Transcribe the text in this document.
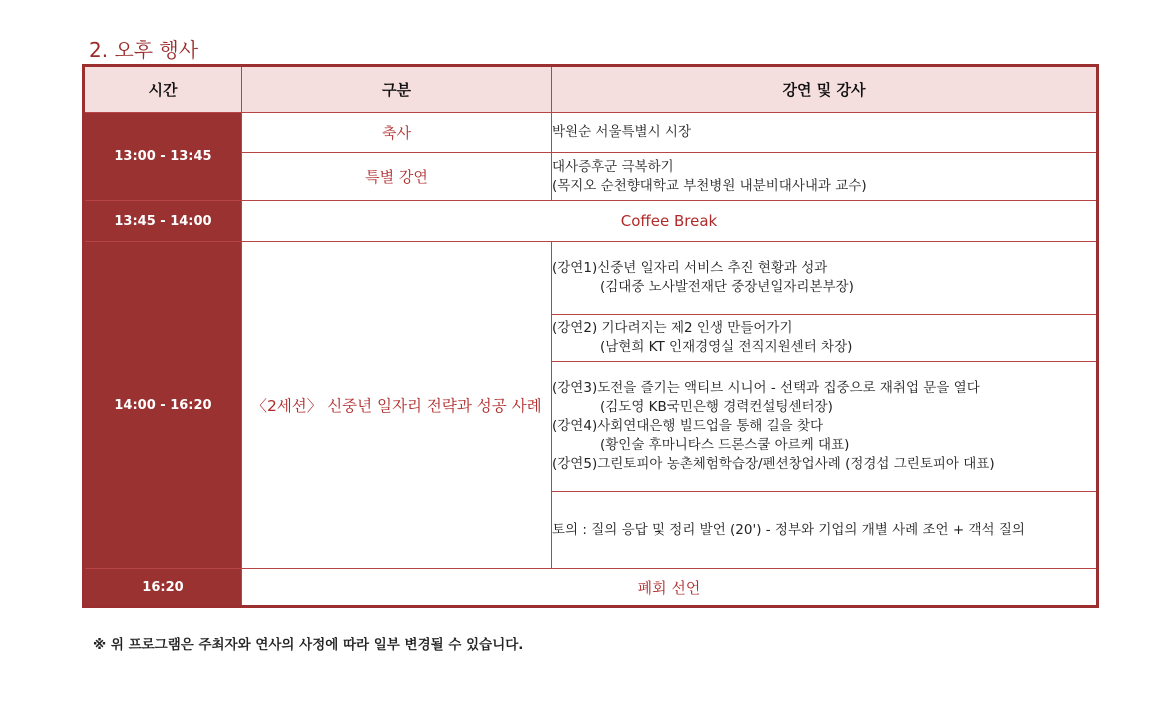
2. 오후 행사
시간	구분	강연 및 강사
13:00 - 13:45	축사	박원순 서울특별시 시장
	특별 강연	대사증후군 극복하기
(목지오 순천향대학교 부천병원 내분비대사내과 교수)

13:45 - 14:00	Coffee Break	
14:00 - 16:20	〈2세션〉 신중년 일자리 전략과 성공 사례	(강연1)신중년 일자리 서비스 추진 현황과 성과
(김대중 노사발전재단 중장년일자리본부장)

		(강연2) 기다려지는 제2 인생 만들어가기
(남현희 KT 인재경영실 전직지원센터 차장)

		(강연3)도전을 즐기는 액티브 시니어 - 선택과 집중으로 재취업 문을 열다
(김도영 KB국민은행 경력컨설팅센터장)
(강연4)사회연대은행 빌드업을 통해 길을 찾다
(황인술 후마니타스 드론스쿨 아르케 대표)
(강연5)그린토피아 농촌체험학습장/펜션창업사례 (정경섭 그린토피아 대표)

		토의 : 질의 응답 및 정리 발언 (20') - 정부와 기업의 개별 사례 조언 + 객석 질의
16:20	폐회 선언	
※ 위 프로그램은 주최자와 연사의 사정에 따라 일부 변경될 수 있습니다.
